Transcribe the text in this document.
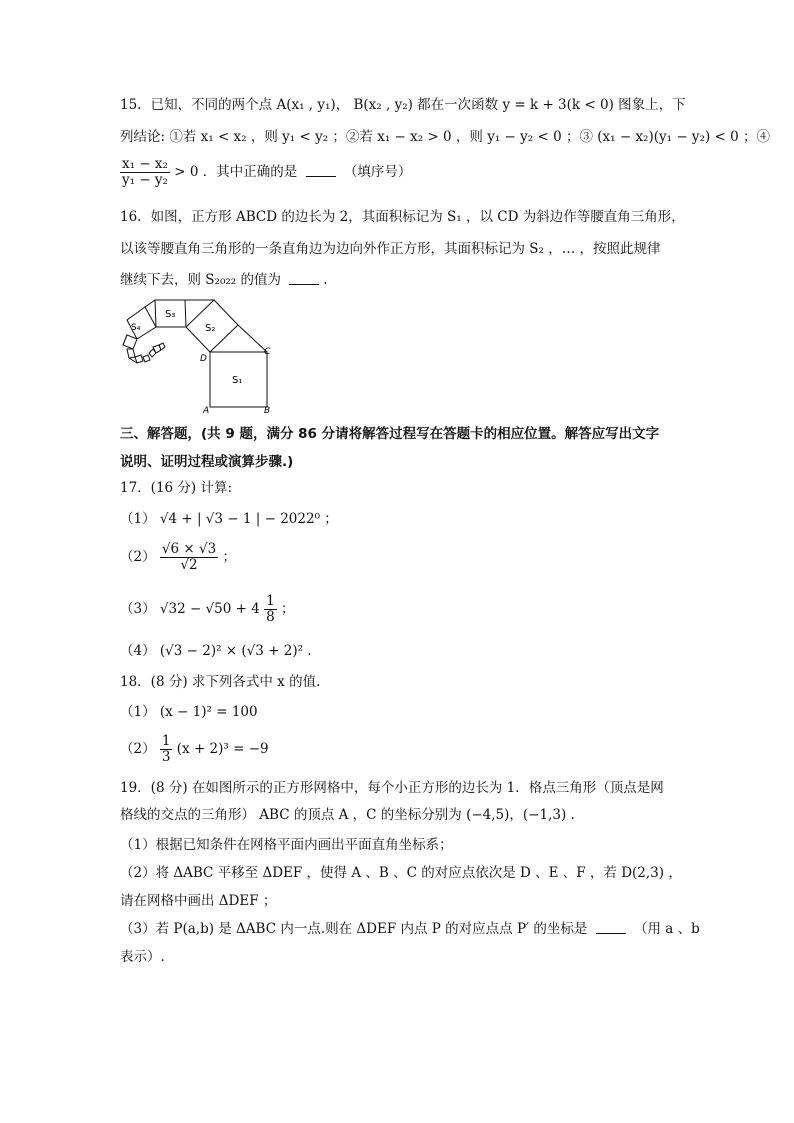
15．已知，不同的两个点 A(x₁ , y₁)， B(x₂ , y₂) 都在一次函数 y = k + 3(k < 0) 图象上，下
列结论: ①若 x₁ < x₂ ，则 y₁ < y₂ ；②若 x₁ − x₂ > 0 ，则 y₁ − y₂ < 0 ；③ (x₁ − x₂)(y₁ − y₂) < 0 ；④
$\frac{\text{x₁ − x₂}}{\text{y₁ − y₂}} > 0$ ．其中正确的是	（填序号）
16．如图，正方形 ABCD 的边长为 2，其面积标记为 S₁ ，以 CD 为斜边作等腰直角三角形，
以该等腰直角三角形的一条直角边为边向外作正方形，其面积标记为 S₂ ，… ，按照此规律
继续下去，则 S₂₀₂₂ 的值为	.
S₁
S₂
S₃
S₄
A	B
C
D
三、解答题，(共 9 题，满分 86 分请将解答过程写在答题卡的相应位置。解答应写出文字
说明、证明过程或演算步骤.)
17．(16 分) 计算:
（1） √4 + | √3 − 1 | − 2022⁰ ；
$(2) \frac{√6 \times √3}{√2}$ ；
（3） $√32 - √50 + 4 \frac{1}{8}$ ；
（4） (√3 − 2)² × (√3 + 2)² .
18．(8 分) 求下列各式中 x 的值.
（1） (x − 1)² = 100
$(2) \frac{1}{3} (x + 2)^3 = -9$
19．(8 分) 在如图所示的正方形网格中，每个小正方形的边长为 1．格点三角形（顶点是网
格线的交点的三角形） ABC 的顶点 A ，C 的坐标分别为 (−4,5)，(−1,3) .
（1）根据已知条件在网格平面内画出平面直角坐标系；
（2）将 ΔABC 平移至 ΔDEF ，使得 A 、B 、C 的对应点依次是 D 、E 、F ，若 D(2,3) ，
请在网格中画出 ΔDEF ；
（3）若 P(a,b) 是 ΔABC 内一点.则在 ΔDEF 内点 P 的对应点点 P′ 的坐标是	（用 a 、b
表示）.
